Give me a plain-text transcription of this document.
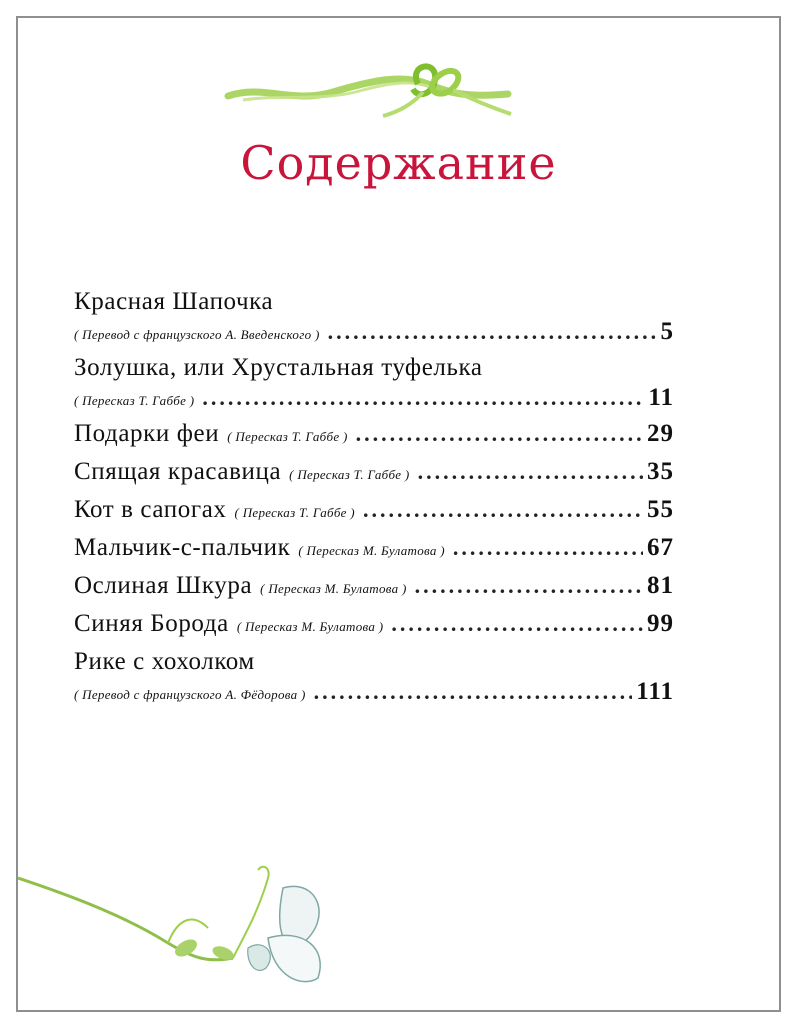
Содержание
Красная Шапочка
( Перевод с французского А. Введенского ) .....	5
Золушка, или Хрустальная туфелька
( Пересказ Т. Габбе ) .....	11
Подарки феи ( Пересказ Т. Габбе ) .....	29
Спящая красавица ( Пересказ Т. Габбе ) .....	35
Кот в сапогах ( Пересказ Т. Габбе ) .....	55
Мальчик-с-пальчик ( Пересказ М. Булатова ) .....	67
Ослиная Шкура ( Пересказ М. Булатова ) .....	81
Синяя Борода ( Пересказ М. Булатова ) .....	99
Рике с хохолком
( Перевод с французского А. Фёдорова ) .....	111
